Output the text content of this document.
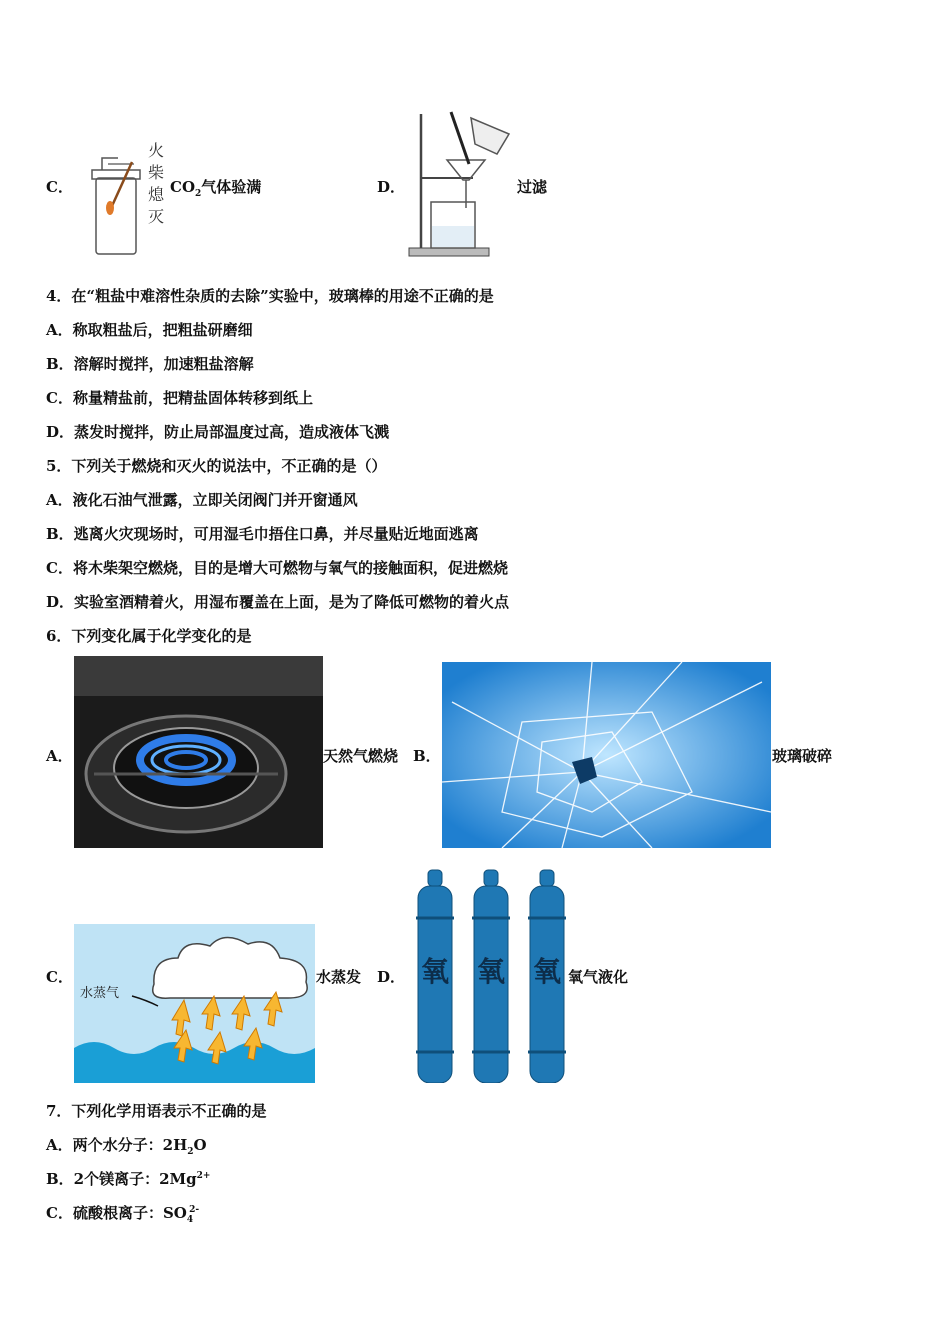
C．
火柴熄灭
$CO_2$气体验满	D．	过滤
4．在“粗盐中难溶性杂质的去除”实验中，玻璃棒的用途不正确的是
A．称取粗盐后，把粗盐研磨细
B．溶解时搅拌，加速粗盐溶解
C．称量精盐前，把精盐固体转移到纸上
D．蒸发时搅拌，防止局部温度过高，造成液体飞溅
5．下列关于燃烧和灭火的说法中，不正确的是（）
A．液化石油气泄露，立即关闭阀门并开窗通风
B．逃离火灾现场时，可用湿毛巾捂住口鼻，并尽量贴近地面逃离
C．将木柴架空燃烧，目的是增大可燃物与氧气的接触面积，促进燃烧
D．实验室酒精着火，用湿布覆盖在上面，是为了降低可燃物的着火点
6．下列变化属于化学变化的是
A．	天然气燃烧 B．	玻璃破碎
C．
水蒸气
水蒸发 D． 氧 氧 氧 氧气液化
7．下列化学用语表示不正确的是
A．两个水分子：$2H_2O$
B．2个镁离子：$2Mg^{2+}$
C．硫酸根离子：$SO_4^{2-}$
